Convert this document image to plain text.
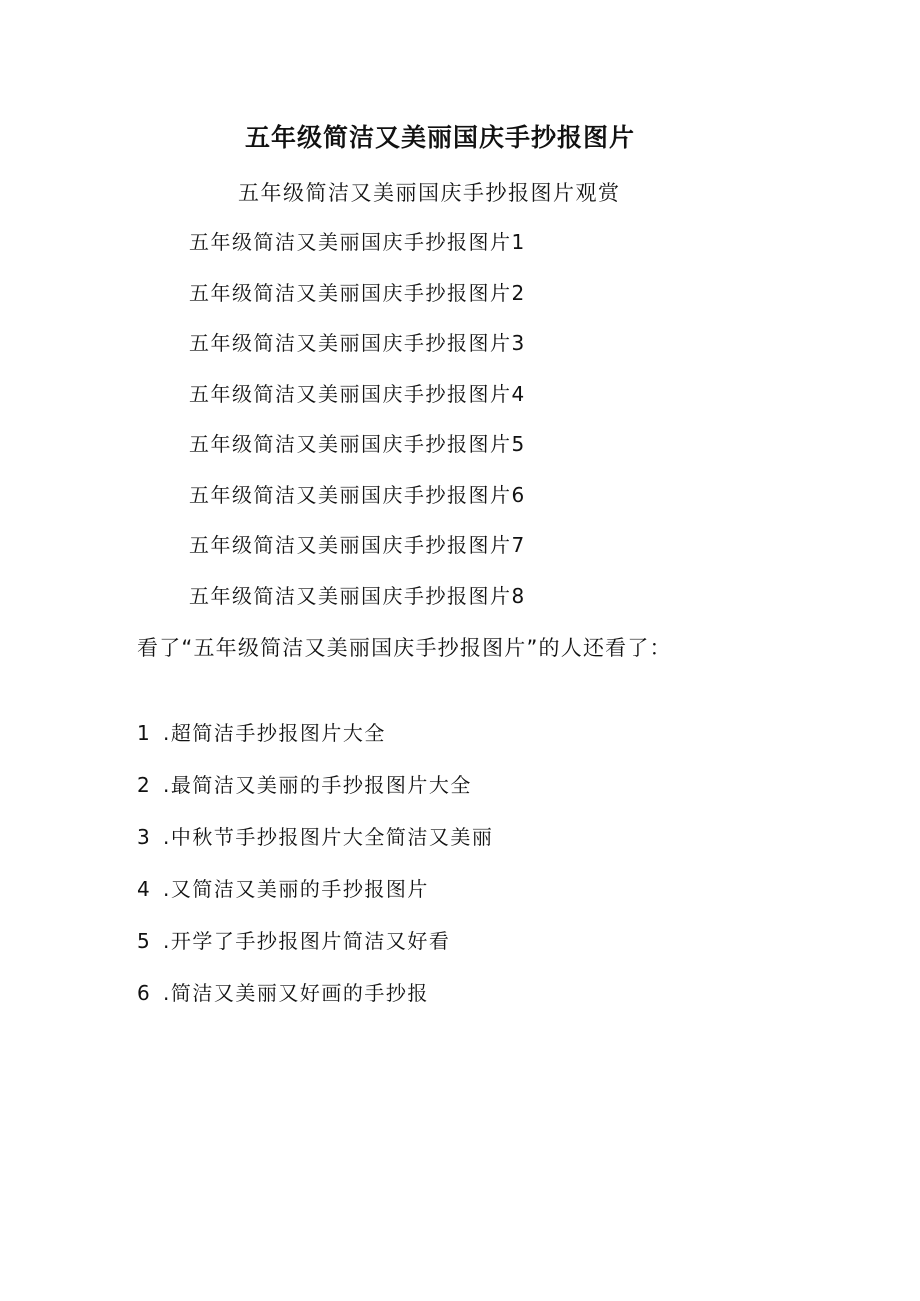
五年级简洁又美丽国庆手抄报图片
五年级简洁又美丽国庆手抄报图片观赏
五年级简洁又美丽国庆手抄报图片1
五年级简洁又美丽国庆手抄报图片2
五年级简洁又美丽国庆手抄报图片3
五年级简洁又美丽国庆手抄报图片4
五年级简洁又美丽国庆手抄报图片5
五年级简洁又美丽国庆手抄报图片6
五年级简洁又美丽国庆手抄报图片7
五年级简洁又美丽国庆手抄报图片8
看了“五年级简洁又美丽国庆手抄报图片”的人还看了：
1 .超简洁手抄报图片大全
2 .最简洁又美丽的手抄报图片大全
3 .中秋节手抄报图片大全简洁又美丽
4 .又简洁又美丽的手抄报图片
5 .开学了手抄报图片简洁又好看
6 .简洁又美丽又好画的手抄报
